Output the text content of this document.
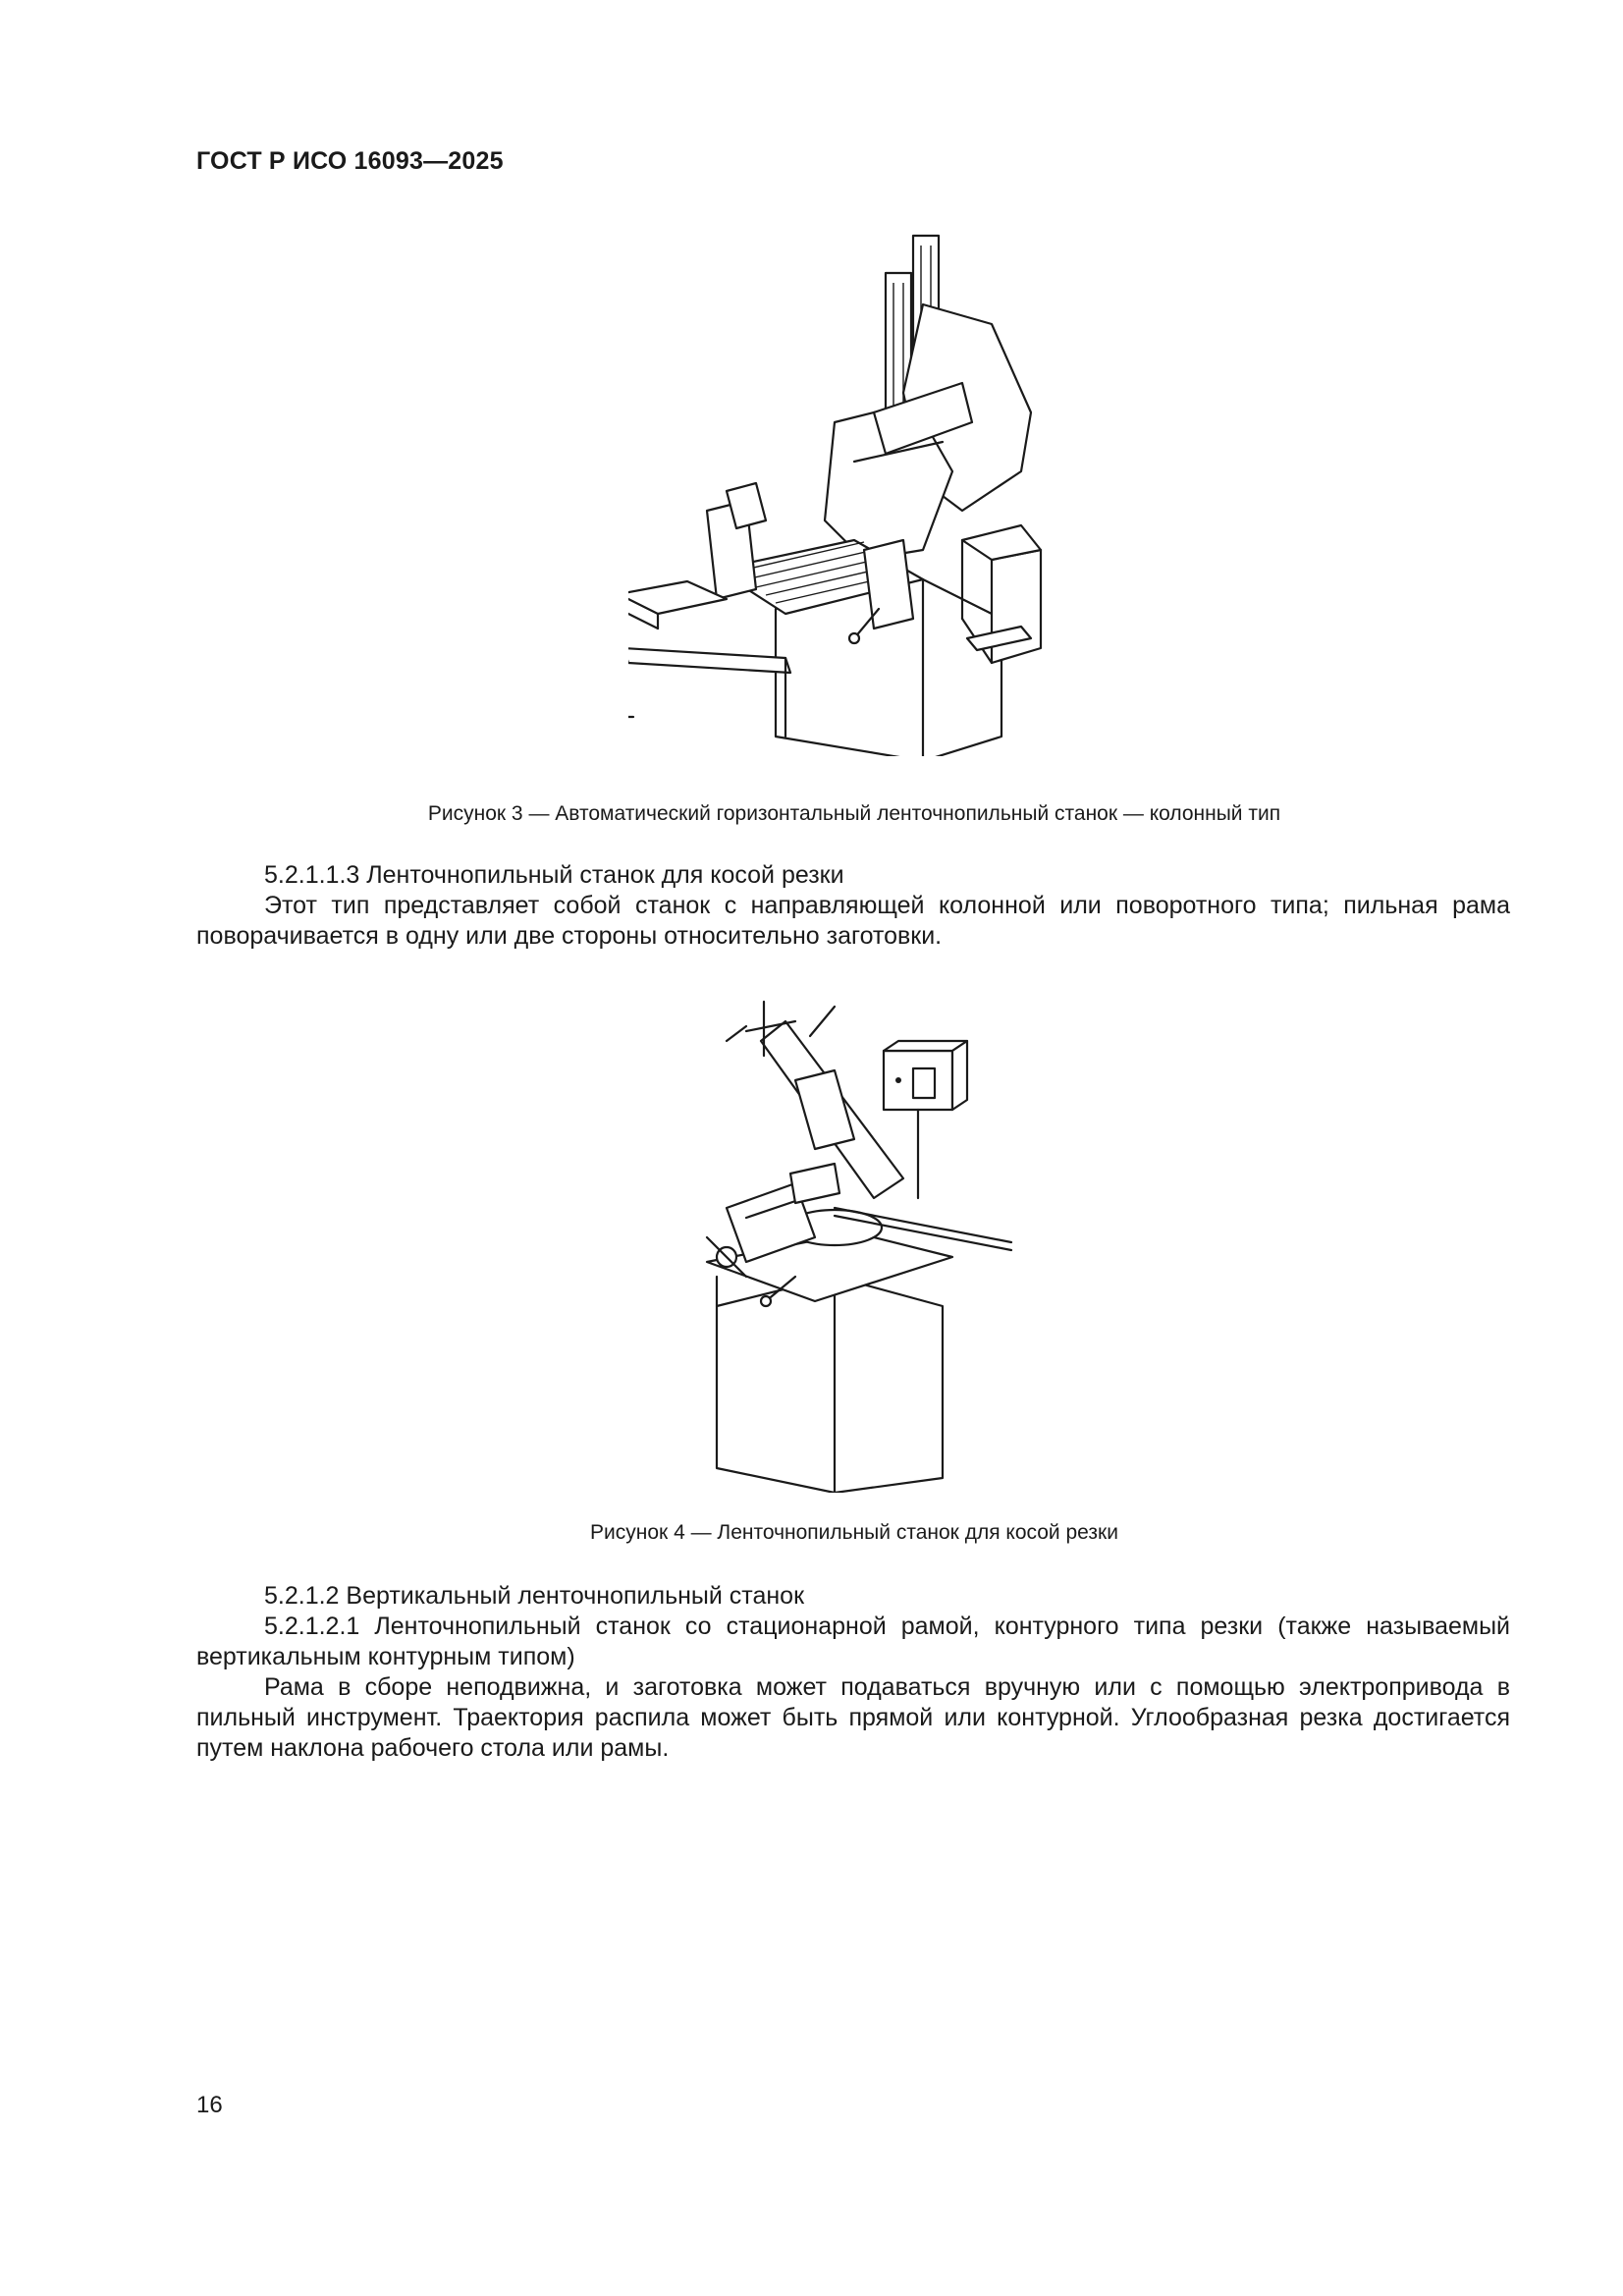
ГОСТ Р ИСО 16093—2025
Рисунок 3 — Автоматический горизонтальный ленточнопильный станок — колонный тип
5.2.1.1.3 Ленточнопильный станок для косой резки
Этот тип представляет собой станок с направляющей колонной или поворотного типа; пильная рама поворачивается в одну или две стороны относительно заготовки.
Рисунок 4 — Ленточнопильный станок для косой резки
5.2.1.2 Вертикальный ленточнопильный станок
5.2.1.2.1 Ленточнопильный станок со стационарной рамой, контурного типа резки (также называемый вертикальным контурным типом)
Рама в сборе неподвижна, и заготовка может подаваться вручную или с помощью электропривода в пильный инструмент. Траектория распила может быть прямой или контурной. Углообразная резка достигается путем наклона рабочего стола или рамы.
16
